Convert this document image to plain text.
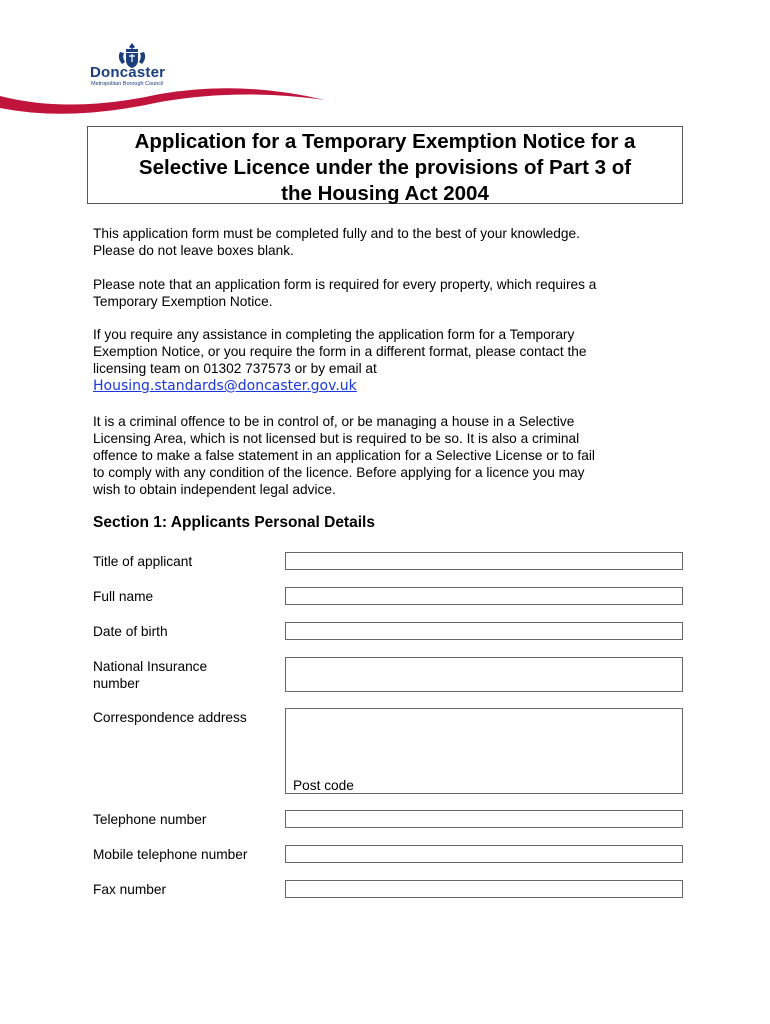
Doncaster
Metropolitan Borough Council
Application for a Temporary Exemption Notice for a
Selective Licence under the provisions of Part 3 of
the Housing Act 2004
This application form must be completed fully and to the best of your knowledge.
Please do not leave boxes blank.
Please note that an application form is required for every property, which requires a
Temporary Exemption Notice.
If you require any assistance in completing the application form for a Temporary
Exemption Notice, or you require the form in a different format, please contact the
licensing team on 01302 737573 or by email at
Housing.standards@doncaster.gov.uk
It is a criminal offence to be in control of, or be managing a house in a Selective
Licensing Area, which is not licensed but is required to be so. It is also a criminal
offence to make a false statement in an application for a Selective License or to fail
to comply with any condition of the licence. Before applying for a licence you may
wish to obtain independent legal advice.
Section 1: Applicants Personal Details
Title of applicant
Full name
Date of birth
National Insurance
number
Correspondence address
Post code
Telephone number
Mobile telephone number
Fax number
